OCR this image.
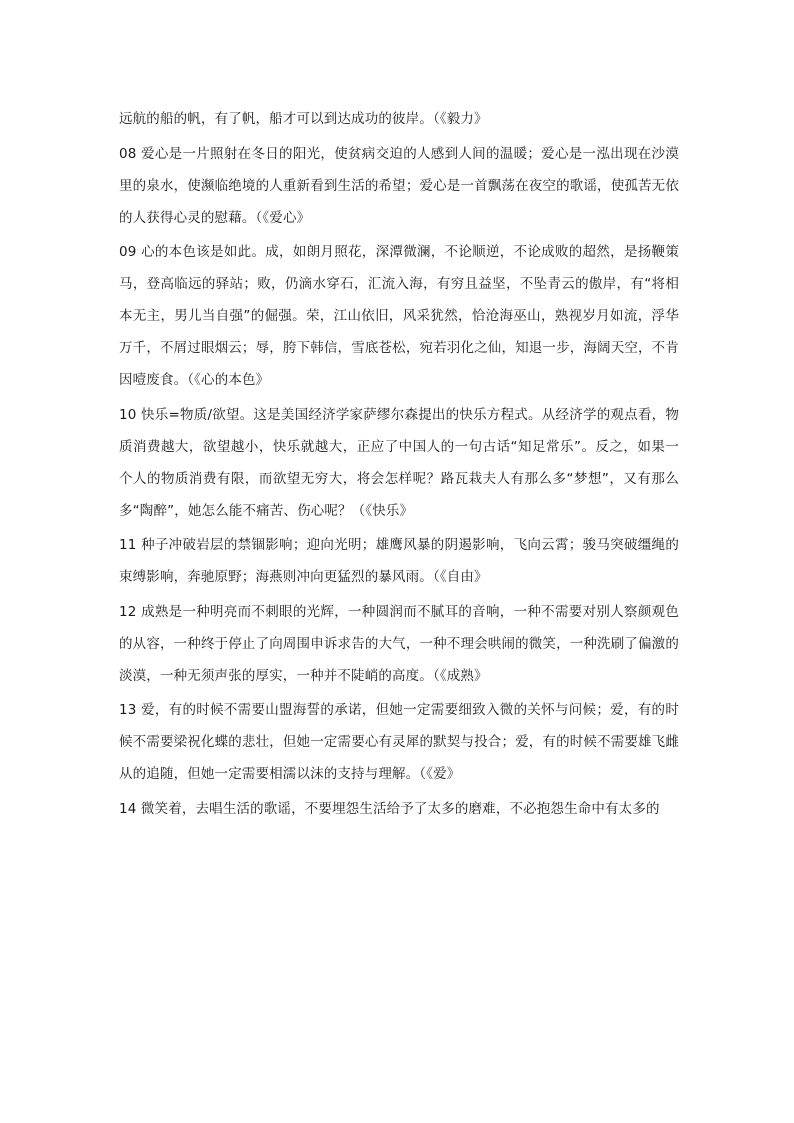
远航的船的帆，有了帆，船才可以到达成功的彼岸。（《毅力》

08 爱心是一片照射在冬日的阳光，使贫病交迫的人感到人间的温暖；爱心是一泓出现在沙漠里的泉水，使濒临绝境的人重新看到生活的希望；爱心是一首飘荡在夜空的歌谣，使孤苦无依的人获得心灵的慰藉。（《爱心》

09 心的本色该是如此。成，如朗月照花，深潭微澜，不论顺逆，不论成败的超然，是扬鞭策马，登高临远的驿站；败，仍滴水穿石，汇流入海，有穷且益坚，不坠青云的傲岸，有“将相本无主，男儿当自强”的倔强。荣，江山依旧，风采犹然，恰沧海巫山，熟视岁月如流，浮华万千，不屑过眼烟云；辱，胯下韩信，雪底苍松，宛若羽化之仙，知退一步，海阔天空，不肯因噎废食。（《心的本色》

10 快乐=物质/欲望。这是美国经济学家萨缪尔森提出的快乐方程式。从经济学的观点看，物质消费越大，欲望越小，快乐就越大，正应了中国人的一句古话“知足常乐”。反之，如果一个人的物质消费有限，而欲望无穷大，将会怎样呢？路瓦栽夫人有那么多“梦想”，又有那么多“陶醉”，她怎么能不痛苦、伤心呢？（《快乐》

11 种子冲破岩层的禁锢影响；迎向光明；雄鹰风暴的阴遏影响，飞向云霄；骏马突破缰绳的束缚影响，奔驰原野；海燕则冲向更猛烈的暴风雨。（《自由》

12 成熟是一种明亮而不刺眼的光辉，一种圆润而不腻耳的音响，一种不需要对别人察颜观色的从容，一种终于停止了向周围申诉求告的大气，一种不理会哄闹的微笑，一种洗刷了偏激的淡漠，一种无须声张的厚实，一种并不陡峭的高度。（《成熟》

13 爱，有的时候不需要山盟海誓的承诺，但她一定需要细致入微的关怀与问候；爱，有的时候不需要梁祝化蝶的悲壮，但她一定需要心有灵犀的默契与投合；爱，有的时候不需要雄飞雌从的追随，但她一定需要相濡以沫的支持与理解。（《爱》

14 微笑着，去唱生活的歌谣，不要埋怨生活给予了太多的磨难，不必抱怨生命中有太多的
